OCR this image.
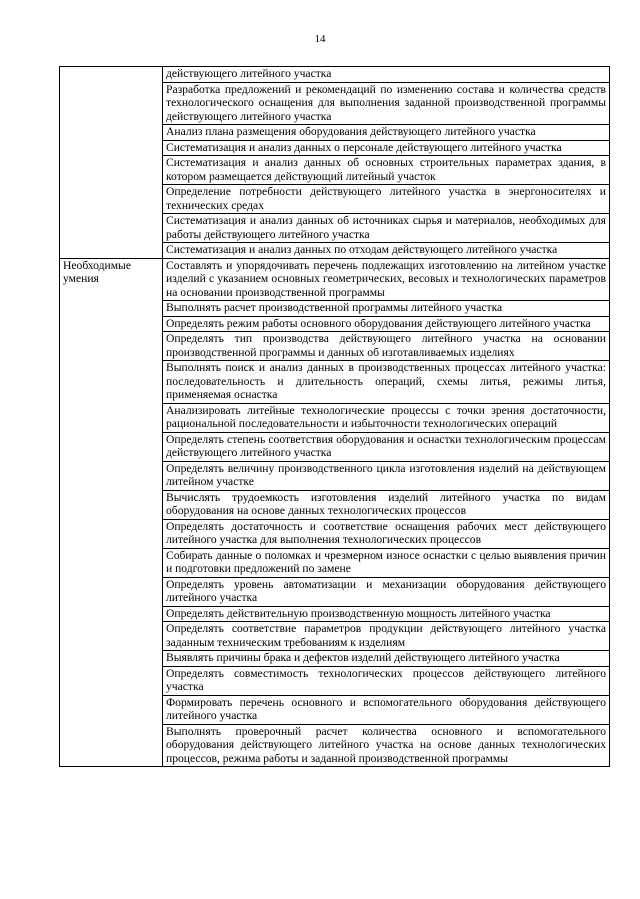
14
	действующего литейного участка
	Разработка предложений и рекомендаций по изменению состава и количества средств технологического оснащения для выполнения заданной производственной программы действующего литейного участка
	Анализ плана размещения оборудования действующего литейного участка
	Систематизация и анализ данных о персонале действующего литейного участка
	Систематизация и анализ данных об основных строительных параметрах здания, в котором размещается действующий литейный участок
	Определение потребности действующего литейного участка в энергоносителях и технических средах
	Систематизация и анализ данных об источниках сырья и материалов, необходимых для работы действующего литейного участка
	Систематизация и анализ данных по отходам действующего литейного участка
Необходимые умения	Составлять и упорядочивать перечень подлежащих изготовлению на литейном участке изделий с указанием основных геометрических, весовых и технологических параметров на основании производственной программы
	Выполнять расчет производственной программы литейного участка
	Определять режим работы основного оборудования действующего литейного участка
	Определять тип производства действующего литейного участка на основании производственной программы и данных об изготавливаемых изделиях
	Выполнять поиск и анализ данных в производственных процессах литейного участка: последовательность и длительность операций, схемы литья, режимы литья, применяемая оснастка
	Анализировать литейные технологические процессы с точки зрения достаточности, рациональной последовательности и избыточности технологических операций
	Определять степень соответствия оборудования и оснастки технологическим процессам действующего литейного участка
	Определять величину производственного цикла изготовления изделий на действующем литейном участке
	Вычислять трудоемкость изготовления изделий литейного участка по видам оборудования на основе данных технологических процессов
	Определять достаточность и соответствие оснащения рабочих мест действующего литейного участка для выполнения технологических процессов
	Собирать данные о поломках и чрезмерном износе оснастки с целью выявления причин и подготовки предложений по замене
	Определять уровень автоматизации и механизации оборудования действующего литейного участка
	Определять действительную производственную мощность литейного участка
	Определять соответствие параметров продукции действующего литейного участка заданным техническим требованиям к изделиям
	Выявлять причины брака и дефектов изделий действующего литейного участка
	Определять совместимость технологических процессов действующего литейного участка
	Формировать перечень основного и вспомогательного оборудования действующего литейного участка
	Выполнять проверочный расчет количества основного и вспомогательного оборудования действующего литейного участка на основе данных технологических процессов, режима работы и заданной производственной программы
